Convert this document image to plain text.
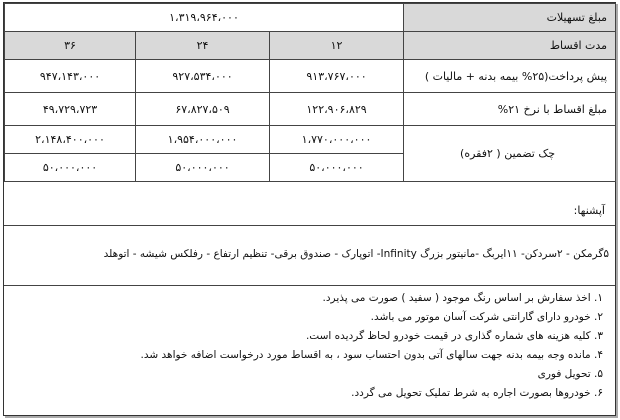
مبلغ تسهیلات	۱،۳۱۹،۹۶۴،۰۰۰		
مدت اقساط	۱۲	۲۴	۳۶
پیش پرداخت(۲۵% بیمه بدنه + مالیات )	۹۱۳،۷۶۷،۰۰۰	۹۲۷،۵۳۴،۰۰۰	۹۴۷،۱۴۳،۰۰۰
مبلغ اقساط با نرخ ۲۱%	۱۲۲،۹۰۶،۸۲۹	۶۷،۸۲۷،۵۰۹	۴۹،۷۲۹،۷۲۳
چک تضمین ( ۲فقره)	۱،۷۷۰،۰۰۰،۰۰۰	۱،۹۵۴،۰۰۰،۰۰۰	۲،۱۴۸،۴۰۰،۰۰۰
	۵۰،۰۰۰،۰۰۰	۵۰،۰۰۰،۰۰۰	۵۰،۰۰۰،۰۰۰
آپشنها:
۵گرمکن - ۲سردکن- ۱۱ایربگ -مانیتور بزرگ Infinity- اتوپارک - صندوق برقی- تنظیم ارتفاع - رفلکس شیشه - اتوهلد
۱. اخذ سفارش بر اساس رنگ موجود ( سفید ) صورت می پذیرد.
۲. خودرو دارای گارانتی شرکت آسان موتور می باشد.
۳. کلیه هزینه های شماره گذاری در قیمت خودرو لحاظ گردیده است.
۴. مانده وجه بیمه بدنه جهت سالهای آتی بدون احتساب سود ، به اقساط مورد درخواست اضافه خواهد شد.
۵. تحویل فوری
۶. خودروها بصورت اجاره به شرط تملیک تحویل می گردد.
